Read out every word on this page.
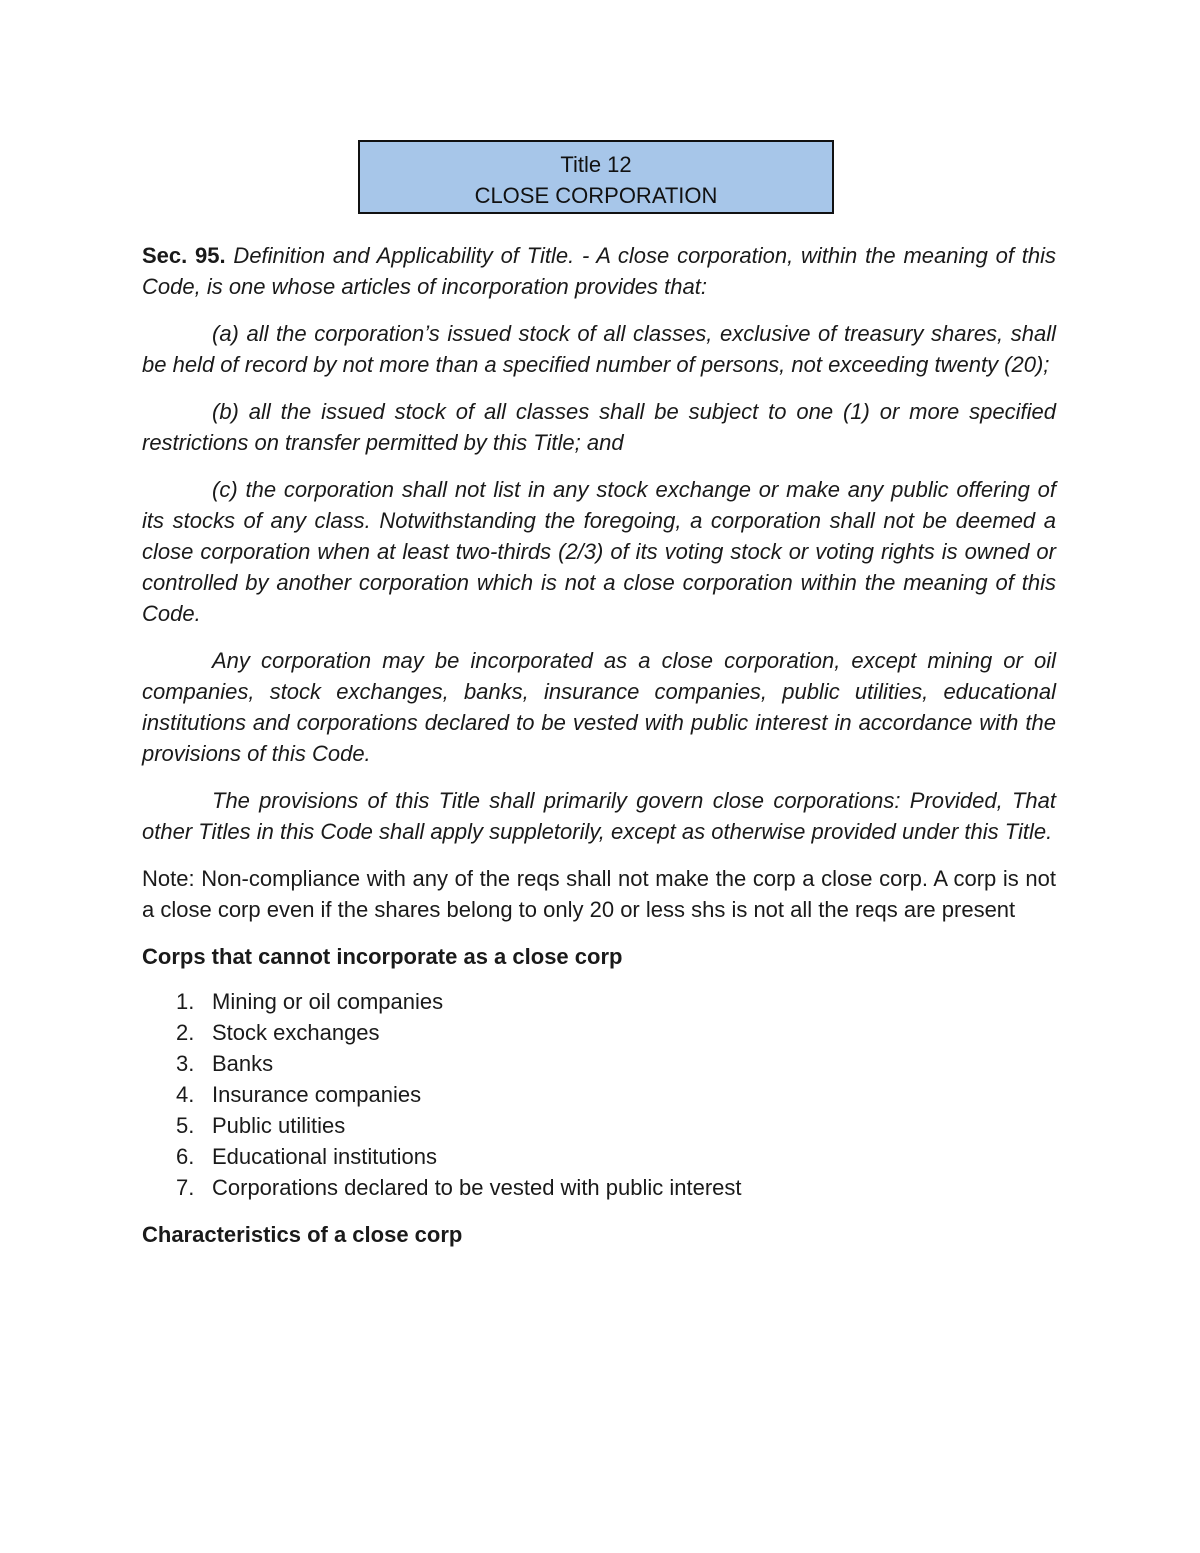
Title 12
CLOSE CORPORATION

Sec. 95. Definition and Applicability of Title. - A close corporation, within the meaning of this Code, is one whose articles of incorporation provides that:

(a) all the corporation’s issued stock of all classes, exclusive of treasury shares, shall be held of record by not more than a specified number of persons, not exceeding twenty (20);

(b) all the issued stock of all classes shall be subject to one (1) or more specified restrictions on transfer permitted by this Title; and

(c) the corporation shall not list in any stock exchange or make any public offering of its stocks of any class. Notwithstanding the foregoing, a corporation shall not be deemed a close corporation when at least two-thirds (2/3) of its voting stock or voting rights is owned or controlled by another corporation which is not a close corporation within the meaning of this Code.

Any corporation may be incorporated as a close corporation, except mining or oil companies, stock exchanges, banks, insurance companies, public utilities, educational institutions and corporations declared to be vested with public interest in accordance with the provisions of this Code.

The provisions of this Title shall primarily govern close corporations: Provided, That other Titles in this Code shall apply suppletorily, except as otherwise provided under this Title.

Note: Non-compliance with any of the reqs shall not make the corp a close corp. A corp is not a close corp even if the shares belong to only 20 or less shs is not all the reqs are present

Corps that cannot incorporate as a close corp
1. Mining or oil companies
2. Stock exchanges
3. Banks
4. Insurance companies
5. Public utilities
6. Educational institutions
7. Corporations declared to be vested with public interest
Characteristics of a close corp
